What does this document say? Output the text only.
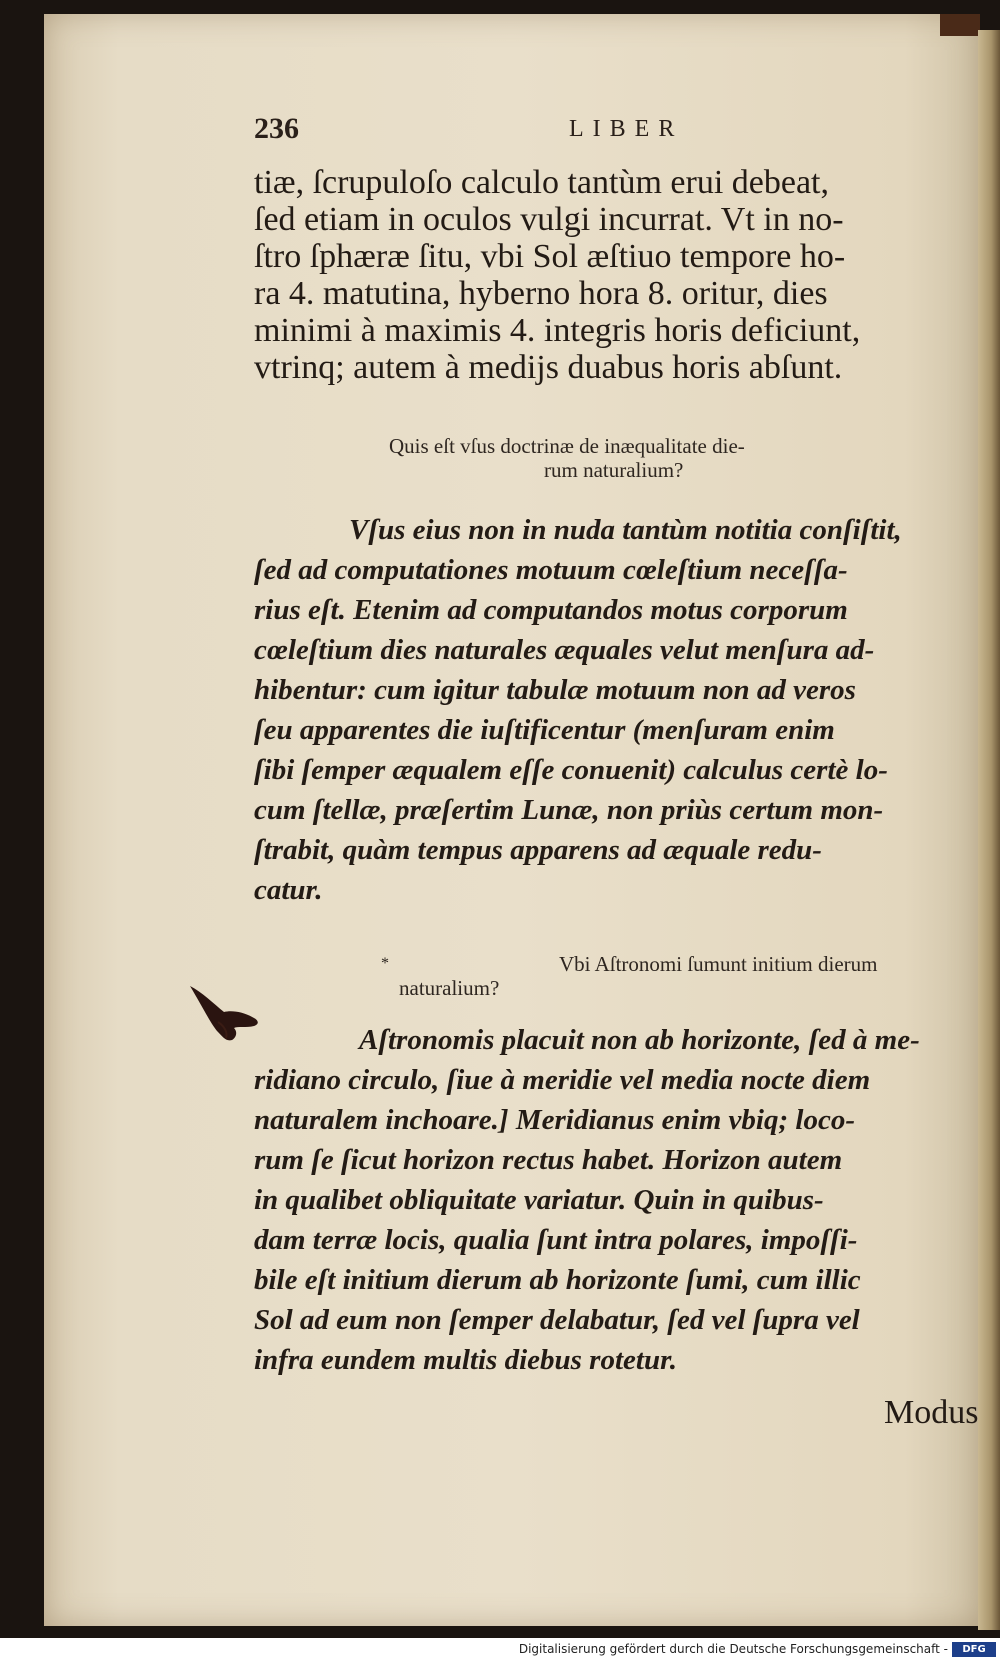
236	LIBER
tiæ, ſcrupuloſo calculo tantùm erui debeat,
ſed etiam in oculos vulgi incurrat. Vt in no-
ſtro ſphæræ ſitu, vbi Sol æſtiuo tempore ho-
ra 4. matutina, hyberno hora 8. oritur, dies
minimi à maximis 4. integris horis deficiunt,
vtrinq; autem à medijs duabus horis abſunt.
Quis eſt vſus doctrinæ de inæqualitate die-
rum naturalium?
Vſus eius non in nuda tantùm notitia conſiſtit,
ſed ad computationes motuum cœleſtium neceſſa-
rius eſt. Etenim ad computandos motus corporum
cœleſtium dies naturales æquales velut menſura ad-
hibentur: cum igitur tabulæ motuum non ad veros
ſeu apparentes die iuſtificentur (menſuram enim
ſibi ſemper æqualem eſſe conuenit) calculus certè lo-
cum ſtellæ, præſertim Lunæ, non priùs certum mon-
ſtrabit, quàm tempus apparens ad æquale redu-
catur.
*	Vbi Aſtronomi ſumunt initium dierum
naturalium?
Aſtronomis placuit non ab horizonte, ſed à me-
ridiano circulo, ſiue à meridie vel media nocte diem
naturalem inchoare.] Meridianus enim vbiq; loco-
rum ſe ſicut horizon rectus habet. Horizon autem
in qualibet obliquitate variatur. Quin in quibus-
dam terræ locis, qualia ſunt intra polares, impoſſi-
bile eſt initium dierum ab horizonte ſumi, cum illic
Sol ad eum non ſemper delabatur, ſed vel ſupra vel
infra eundem multis diebus rotetur.
Modus
Digitalisierung gefördert durch die Deutsche Forschungsgemeinschaft -	DFG
